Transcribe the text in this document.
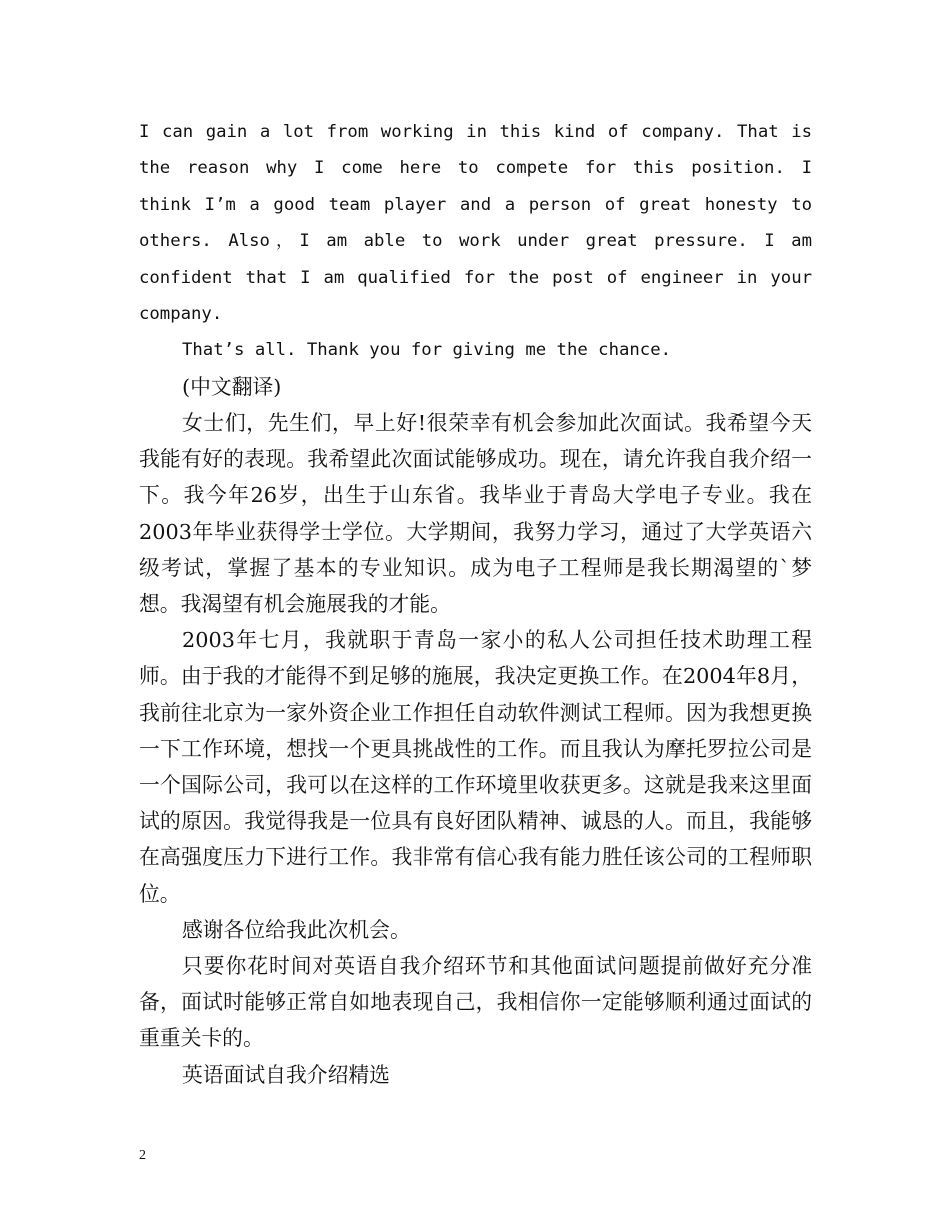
I can gain a lot from working in this kind of company. That is
the reason why I come here to compete for this position. I
think I’m a good team player and a person of great honesty to
others. Also，I am able to work under great pressure. I am
confident that I am qualified for the post of engineer in your
company.

That’s all. Thank you for giving me the chance.

(中文翻译)

女士们，先生们，早上好!很荣幸有机会参加此次面试。我希望今天我能有好的表现。我希望此次面试能够成功。现在，请允许我自我介绍一下。我今年26岁，出生于山东省。我毕业于青岛大学电子专业。我在2003年毕业获得学士学位。大学期间，我努力学习，通过了大学英语六级考试，掌握了基本的专业知识。成为电子工程师是我长期渴望的`梦想。我渴望有机会施展我的才能。

2003年七月，我就职于青岛一家小的私人公司担任技术助理工程师。由于我的才能得不到足够的施展，我决定更换工作。在2004年8月，我前往北京为一家外资企业工作担任自动软件测试工程师。因为我想更换一下工作环境，想找一个更具挑战性的工作。而且我认为摩托罗拉公司是一个国际公司，我可以在这样的工作环境里收获更多。这就是我来这里面试的原因。我觉得我是一位具有良好团队精神、诚恳的人。而且，我能够在高强度压力下进行工作。我非常有信心我有能力胜任该公司的工程师职位。

感谢各位给我此次机会。

只要你花时间对英语自我介绍环节和其他面试问题提前做好充分准备，面试时能够正常自如地表现自己，我相信你一定能够顺利通过面试的重重关卡的。

英语面试自我介绍精选

2
